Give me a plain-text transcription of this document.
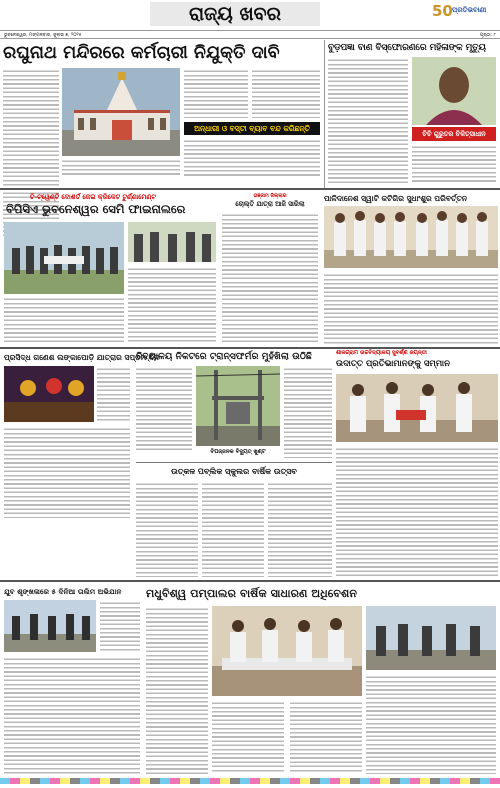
ରାଜ୍ୟ ଖବର	50 ପ୍ରତିଭବାଣୀ
ଭୁବନେଶ୍ୱର, ମଙ୍ଗଳବାର, ଜୁଲାଇ ୭, ୨୦୨୫	ପୃଷ୍ଠା: ୮
ରଘୁନାଥ ମନ୍ଦିରରେ କର୍ମଚାରୀ ନିଯୁକ୍ତି ଦାବି
ଅନ୍ଧାରୀ ଓ ବସ୍ତୀ ବ୍ୟାବ ବନ୍ଦ କରିଛନ୍ତି
ବୁଡ଼ପଜ୍ଞା ବାଣ ବିସ୍ଫୋରଣରେ ମହିଳାଙ୍କ ମୃତ୍ୟୁ
ଚିଚି ଗୁରୁତର ଚିକିତ୍ସାଧୀନ
ଟି-ଟ୍ୱେଣ୍ଟି ଦୋଶର୍ତ ଜେଇ କ୍ରିକେଟ ଟୁର୍ଣ୍ଣାମେଣ୍ଟ
ବିପିସିଏ ଭୁବନେଶ୍ୱର ସେମି ଫାଇନାଲରେ
ଗଞ୍ଜାମ ଜିଲ୍ଲାର
ଚୋଲ୍ତି ଯାତ୍ରା ଆଜି ସାରିଲା
ପାଳିଦାନେଶ ସ୍ୱାଟି କଟିଗିର ସୁଧାଂଶୁର ପରିବର୍ତ୍ତନ
ପ୍ରସିଦ୍ଧ ଗଣେଶ ଲଙ୍କାପୋଡ଼ି ଯାତ୍ରାର ସପ୍ତମ ଦିନ
ବିଦ୍ୟାଳୟ ନିକଟରେ ଟ୍ରାନ୍ସଫର୍ମର ମୁହଁଖିଲା ଉଠିଛି
ବିପଜ୍ଜନକ ବିଦ୍ୟୁତ୍ ଖୁଣ୍ଟ
ଉତ୍କଳ ପବ୍ଲିକ ସ୍କୁଲର ବାର୍ଷିକ ଉତ୍ସବ
ଶାଳଗ୍ରାମ ଉଚ୍ଚବିଦ୍ୟାଳୟ ସୁବର୍ଣ୍ଣ ଜୟନ୍ତୀ
ଉଦାତ୍ତ ପ୍ରତିଭାମାନଙ୍କୁ ସମ୍ମାନ
ଯୁବ ଶୃଙ୍ଖଳାରେ ୫ ଦିନିଆ ତାଲିମ ଅଭିଯାନ	ମଧୁବିଶ୍ୱ ପମ୍ପାଲର ବାର୍ଷିକ ସାଧାରଣ ଅଧିବେଶନ
